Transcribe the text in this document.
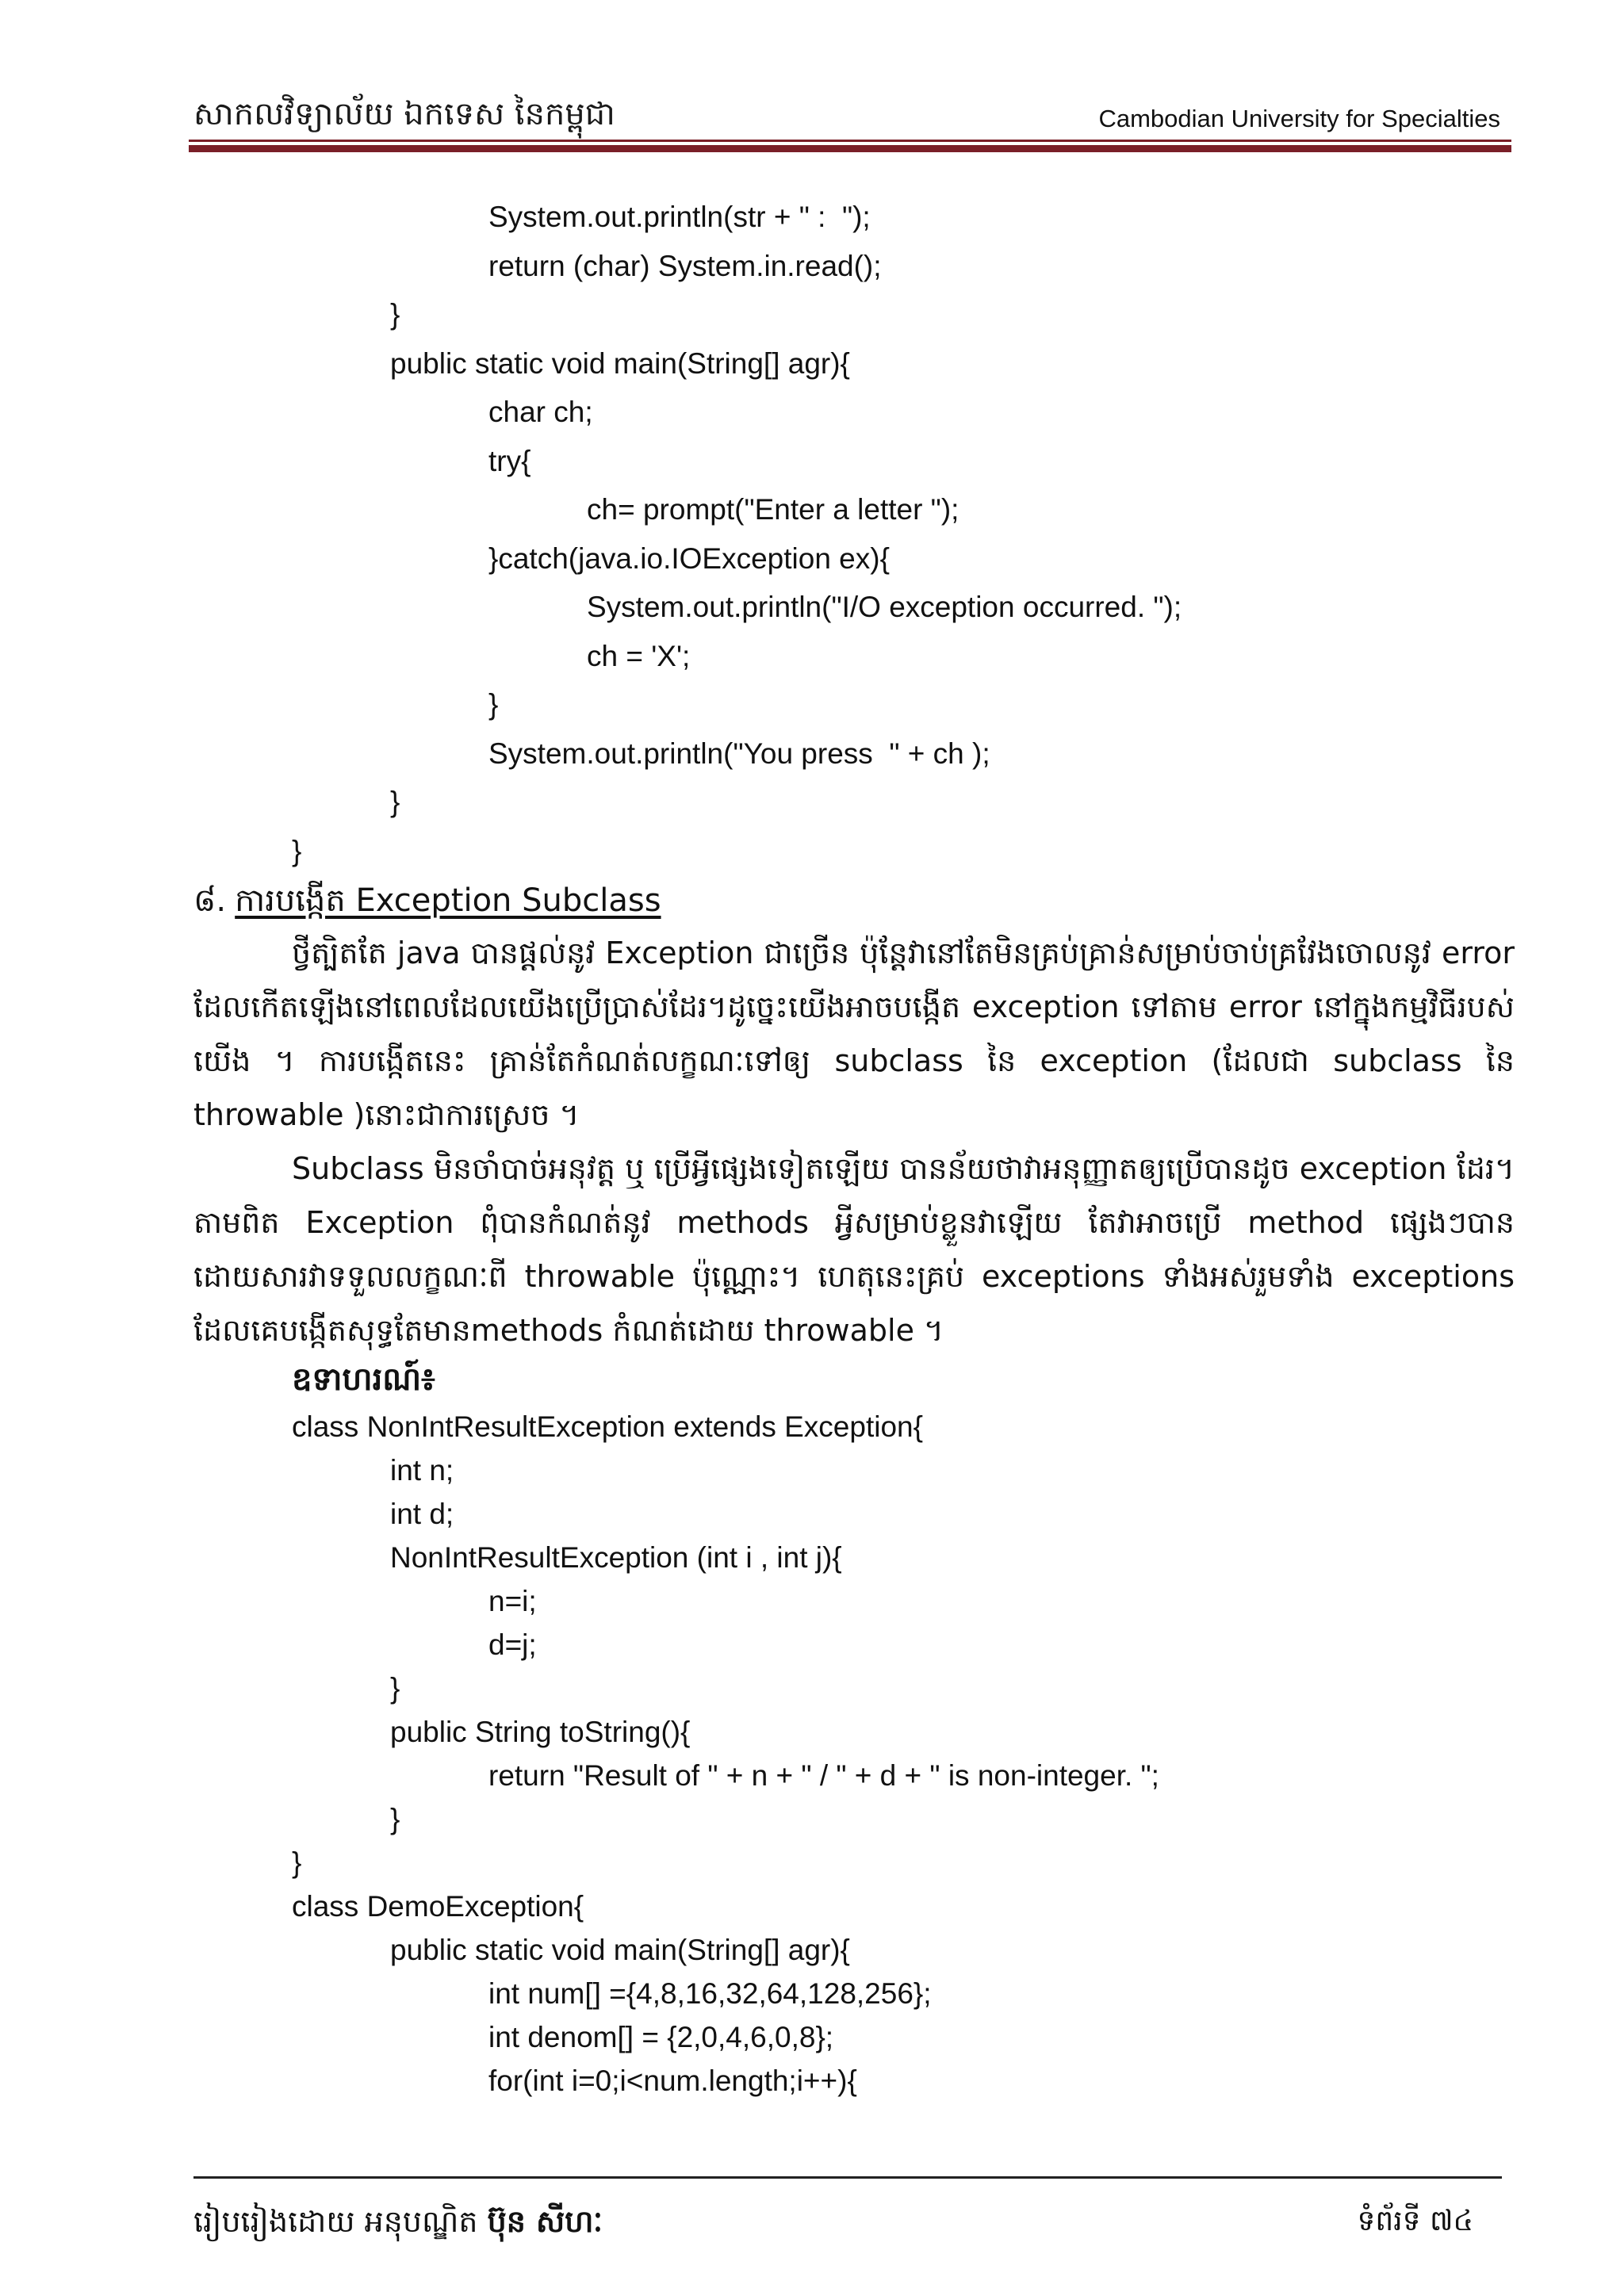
សាកលវិទ្យាល័យ ឯកទេស នៃកម្ពុជា	Cambodian University for Specialties
System.out.println(str + " :  ");
return (char) System.in.read();
}
public static void main(String[] agr){
char ch;
try{
ch= prompt("Enter a letter ");
}catch(java.io.IOException ex){
System.out.println("I/O exception occurred. ");
ch = 'X';
}
System.out.println("You press  " + ch );
}
}
៨. ការបង្កើត Exception Subclass
ថ្វីត្បិតតែ java បានផ្តល់នូវ Exception ជាច្រើន ប៉ុន្តែវានៅតែមិនគ្រប់គ្រាន់សម្រាប់ចាប់គ្រវែងចោលនូវ error ដែលកើតឡើងនៅពេលដែលយើងប្រើប្រាស់ដែរ។ដូច្នេះយើងអាចបង្កើត exception ទៅតាម error នៅក្នុងកម្មវិធីរបស់យើង ។ ការបង្កើតនេះ គ្រាន់តែកំណត់លក្ខណៈទៅឲ្យ subclass នៃ exception (ដែលជា subclass នៃ throwable )នោះជាការស្រេច ។
Subclass មិនចាំបាច់អនុវត្ត ឬ ប្រើអ្វីផ្សេងទៀតឡើយ បានន័យថាវាអនុញ្ញាតឲ្យប្រើបានដូច exception ដែរ។ តាមពិត Exception ពុំបានកំណត់នូវ methods អ្វីសម្រាប់ខ្លួនវាឡើយ តែវាអាចប្រើ method ផ្សេងៗបាន ដោយសារវាទទួលលក្ខណៈពី throwable ប៉ុណ្ណោះ។ ហេតុនេះគ្រប់ exceptions ទាំងអស់រួមទាំង exceptions ដែលគេបង្កើតសុទ្ធតែមានmethods កំណត់ដោយ throwable ។
ឧទាហរណ៍៖
class NonIntResultException extends Exception{
int n;
int d;
NonIntResultException (int i , int j){
n=i;
d=j;
}
public String toString(){
return "Result of " + n + " / " + d + " is non-integer. ";
}
}
class DemoException{
public static void main(String[] agr){
int num[] ={4,8,16,32,64,128,256};
int denom[] = {2,0,4,6,0,8};
for(int i=0;i<num.length;i++){
រៀបរៀងដោយ អនុបណ្ឌិត ប៊ុន សីហៈ	ទំព័រទី ៧៤
